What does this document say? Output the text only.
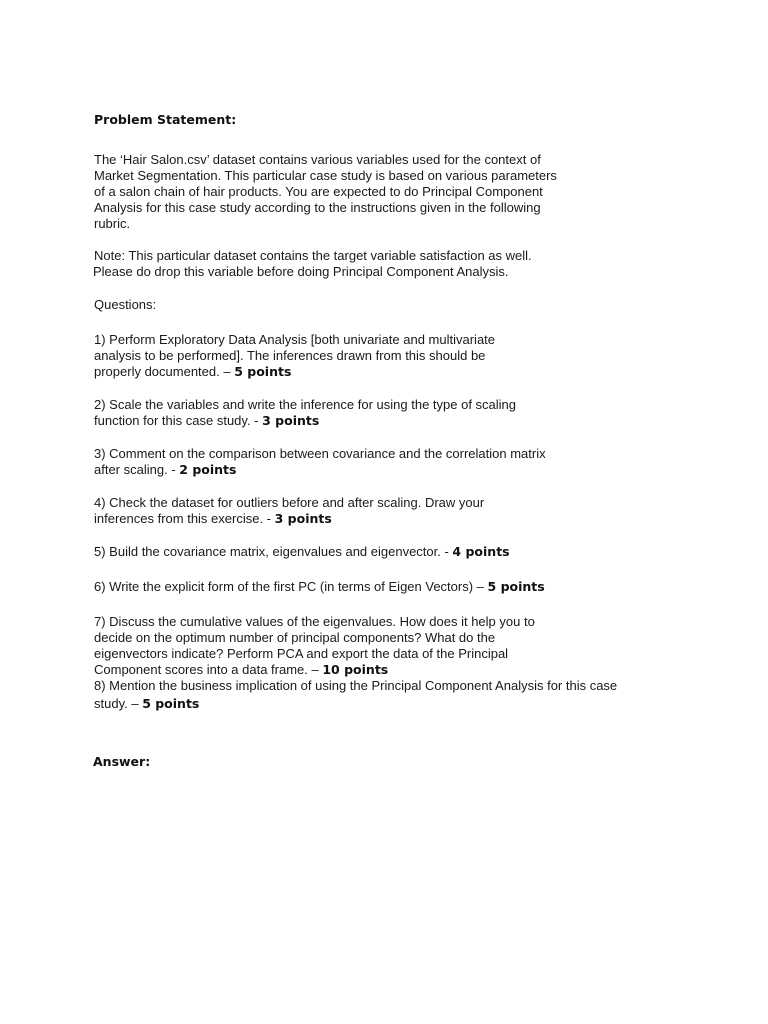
Problem Statement:
The ‘Hair Salon.csv’ dataset contains various variables used for the context of
Market Segmentation. This particular case study is based on various parameters
of a salon chain of hair products. You are expected to do Principal Component
Analysis for this case study according to the instructions given in the following
rubric.
Note: This particular dataset contains the target variable satisfaction as well.
Please do drop this variable before doing Principal Component Analysis.
Questions:
1) Perform Exploratory Data Analysis [both univariate and multivariate
analysis to be performed]. The inferences drawn from this should be
properly documented. – 5 points
2) Scale the variables and write the inference for using the type of scaling
function for this case study. - 3 points
3) Comment on the comparison between covariance and the correlation matrix
after scaling. - 2 points
4) Check the dataset for outliers before and after scaling. Draw your
inferences from this exercise. - 3 points
5) Build the covariance matrix, eigenvalues and eigenvector. - 4 points
6) Write the explicit form of the first PC (in terms of Eigen Vectors) – 5 points
7) Discuss the cumulative values of the eigenvalues. How does it help you to
decide on the optimum number of principal components? What do the
eigenvectors indicate? Perform PCA and export the data of the Principal
Component scores into a data frame. – 10 points
8) Mention the business implication of using the Principal Component Analysis for this case
study. – 5 points
Answer:
